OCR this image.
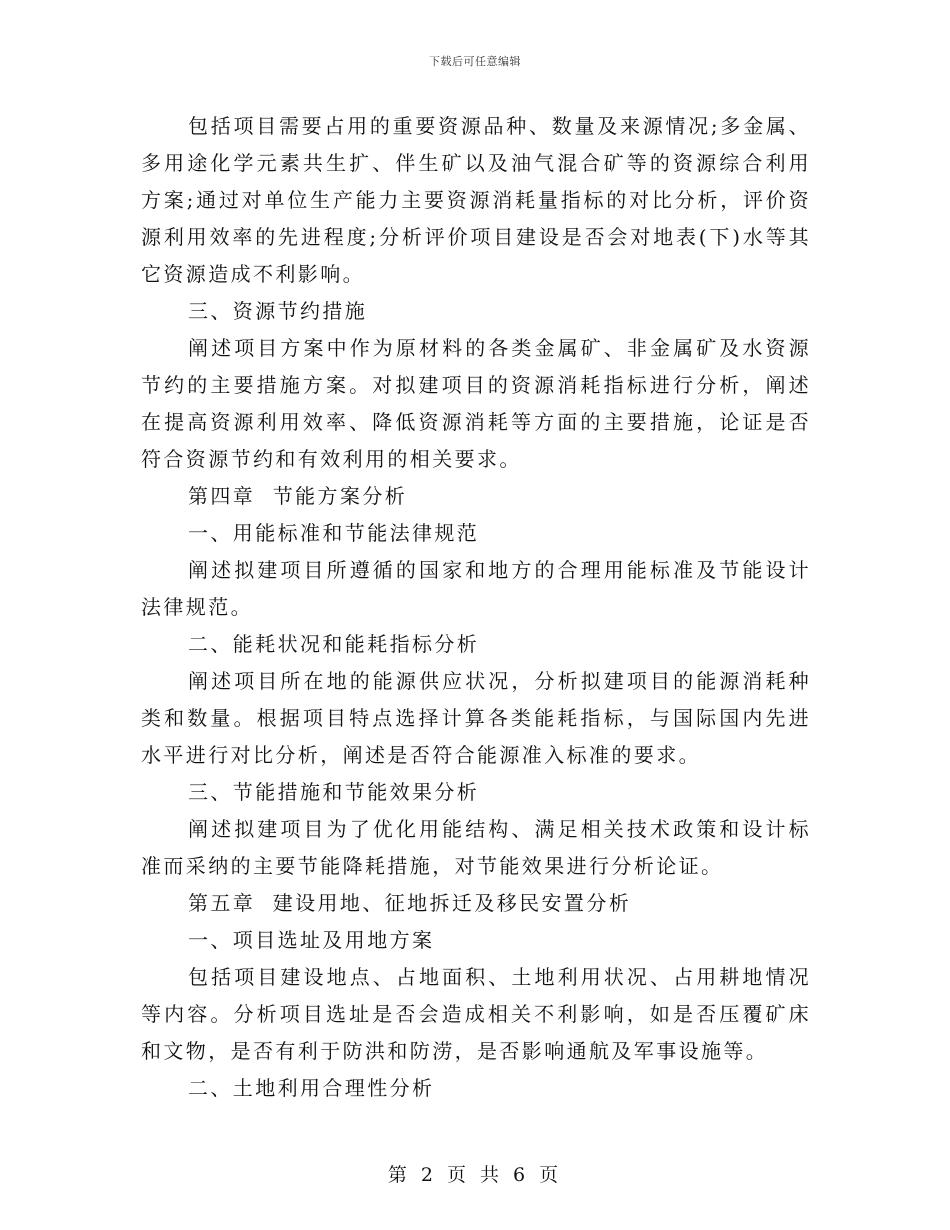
下载后可任意编辑

包括项目需要占用的重要资源品种、数量及来源情况;多金属、多用途化学元素共生扩、伴生矿以及油气混合矿等的资源综合利用方案;通过对单位生产能力主要资源消耗量指标的对比分析，评价资源利用效率的先进程度;分析评价项目建设是否会对地表(下)水等其它资源造成不利影响。

三、资源节约措施

阐述项目方案中作为原材料的各类金属矿、非金属矿及水资源节约的主要措施方案。对拟建项目的资源消耗指标进行分析，阐述在提高资源利用效率、降低资源消耗等方面的主要措施，论证是否符合资源节约和有效利用的相关要求。

第四章  节能方案分析

一、用能标准和节能法律规范

阐述拟建项目所遵循的国家和地方的合理用能标准及节能设计法律规范。

二、能耗状况和能耗指标分析

阐述项目所在地的能源供应状况，分析拟建项目的能源消耗种类和数量。根据项目特点选择计算各类能耗指标，与国际国内先进水平进行对比分析，阐述是否符合能源准入标准的要求。

三、节能措施和节能效果分析

阐述拟建项目为了优化用能结构、满足相关技术政策和设计标准而采纳的主要节能降耗措施，对节能效果进行分析论证。

第五章  建设用地、征地拆迁及移民安置分析

一、项目选址及用地方案

包括项目建设地点、占地面积、土地利用状况、占用耕地情况等内容。分析项目选址是否会造成相关不利影响，如是否压覆矿床和文物，是否有利于防洪和防涝，是否影响通航及军事设施等。

二、土地利用合理性分析

第 2 页 共 6 页
